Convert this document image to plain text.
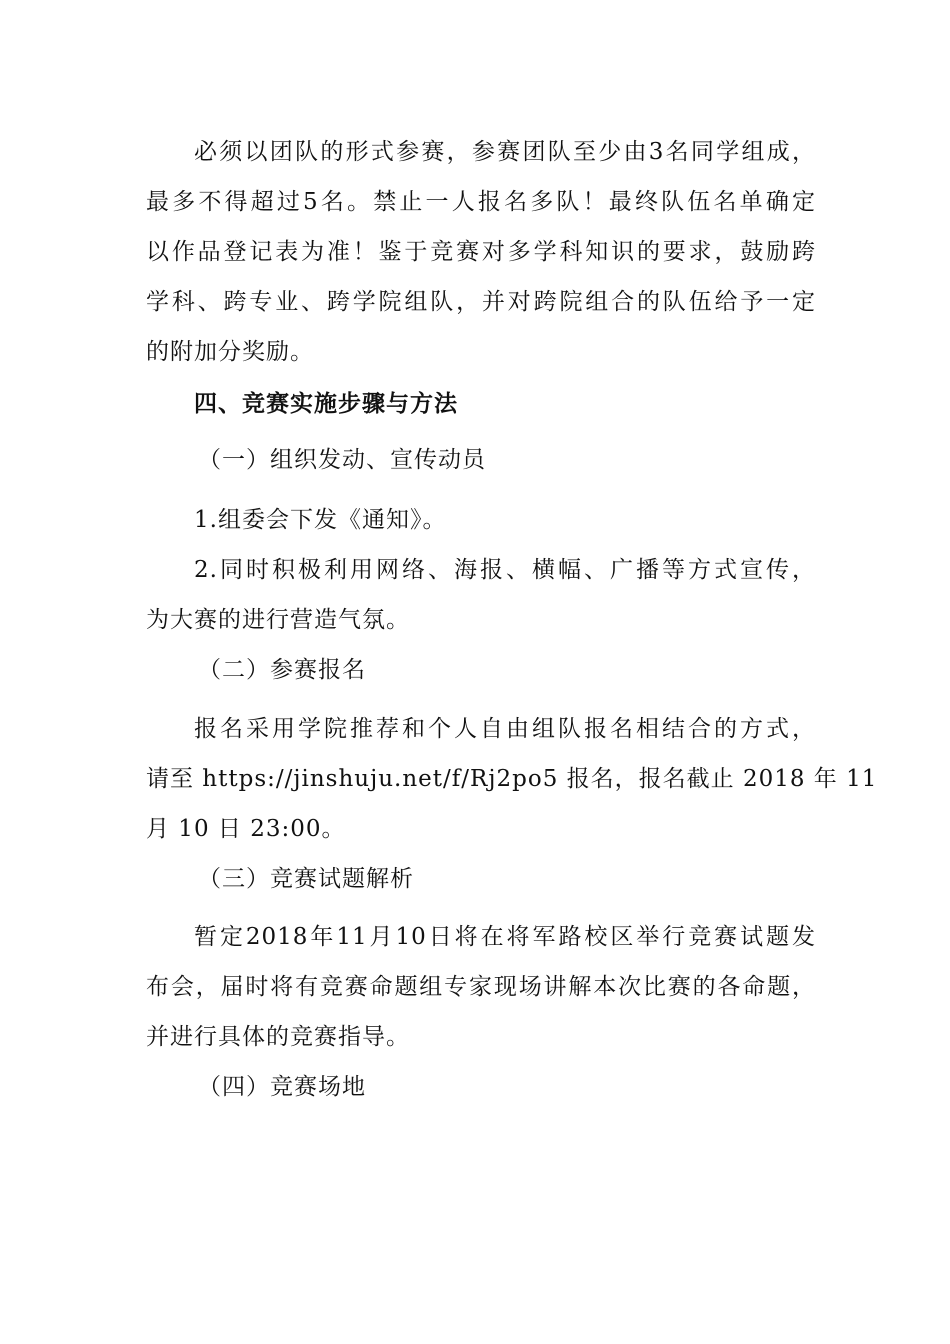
必须以团队的形式参赛，参赛团队至少由3名同学组成，
最多不得超过5名。禁止一人报名多队！最终队伍名单确定
以作品登记表为准！鉴于竞赛对多学科知识的要求，鼓励跨
学科、跨专业、跨学院组队，并对跨院组合的队伍给予一定
的附加分奖励。
四、竞赛实施步骤与方法
（一）组织发动、宣传动员
1.组委会下发《通知》。
2.同时积极利用网络、海报、横幅、广播等方式宣传，
为大赛的进行营造气氛。
（二）参赛报名
报名采用学院推荐和个人自由组队报名相结合的方式，
请至 https://jinshuju.net/f/Rj2po5 报名，报名截止 2018 年 11
月 10 日 23:00。
（三）竞赛试题解析
暂定2018年11月10日将在将军路校区举行竞赛试题发
布会，届时将有竞赛命题组专家现场讲解本次比赛的各命题，
并进行具体的竞赛指导。
（四）竞赛场地
